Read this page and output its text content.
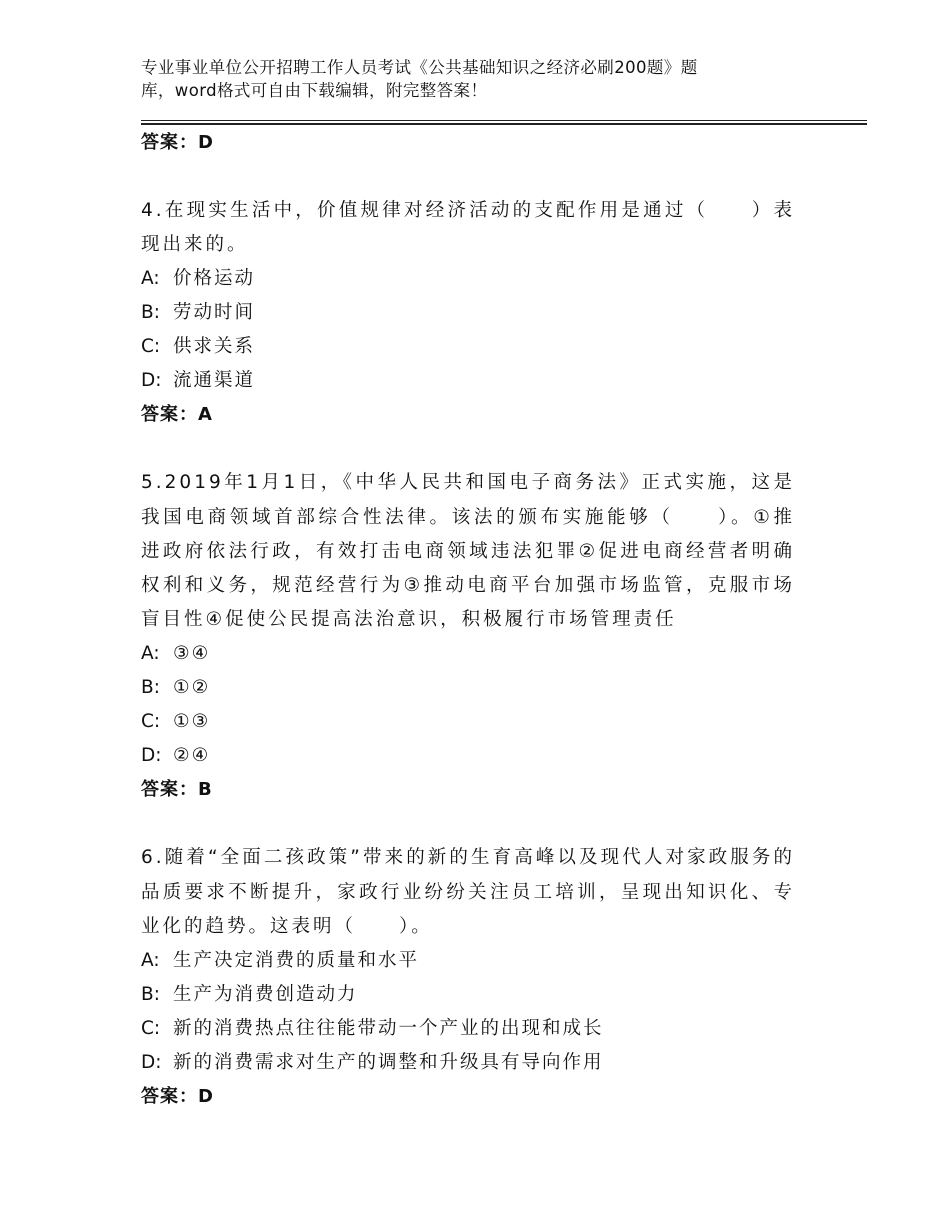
专业事业单位公开招聘工作人员考试《公共基础知识之经济必刷200题》题
库，word格式可自由下载编辑，附完整答案！
答案：D
4.在现实生活中，价值规律对经济活动的支配作用是通过（　　）表现出来的。
A: 价格运动
B: 劳动时间
C: 供求关系
D: 流通渠道
答案：A
5.2019年1月1日，《中华人民共和国电子商务法》正式实施，这是我国电商领域首部综合性法律。该法的颁布实施能够（　　）。①推进政府依法行政，有效打击电商领域违法犯罪②促进电商经营者明确权利和义务，规范经营行为③推动电商平台加强市场监管，克服市场盲目性④促使公民提高法治意识，积极履行市场管理责任
A: ③④
B: ①②
C: ①③
D: ②④
答案：B
6.随着“全面二孩政策”带来的新的生育高峰以及现代人对家政服务的品质要求不断提升，家政行业纷纷关注员工培训，呈现出知识化、专业化的趋势。这表明（　　）。
A: 生产决定消费的质量和水平
B: 生产为消费创造动力
C: 新的消费热点往往能带动一个产业的出现和成长
D: 新的消费需求对生产的调整和升级具有导向作用
答案：D
